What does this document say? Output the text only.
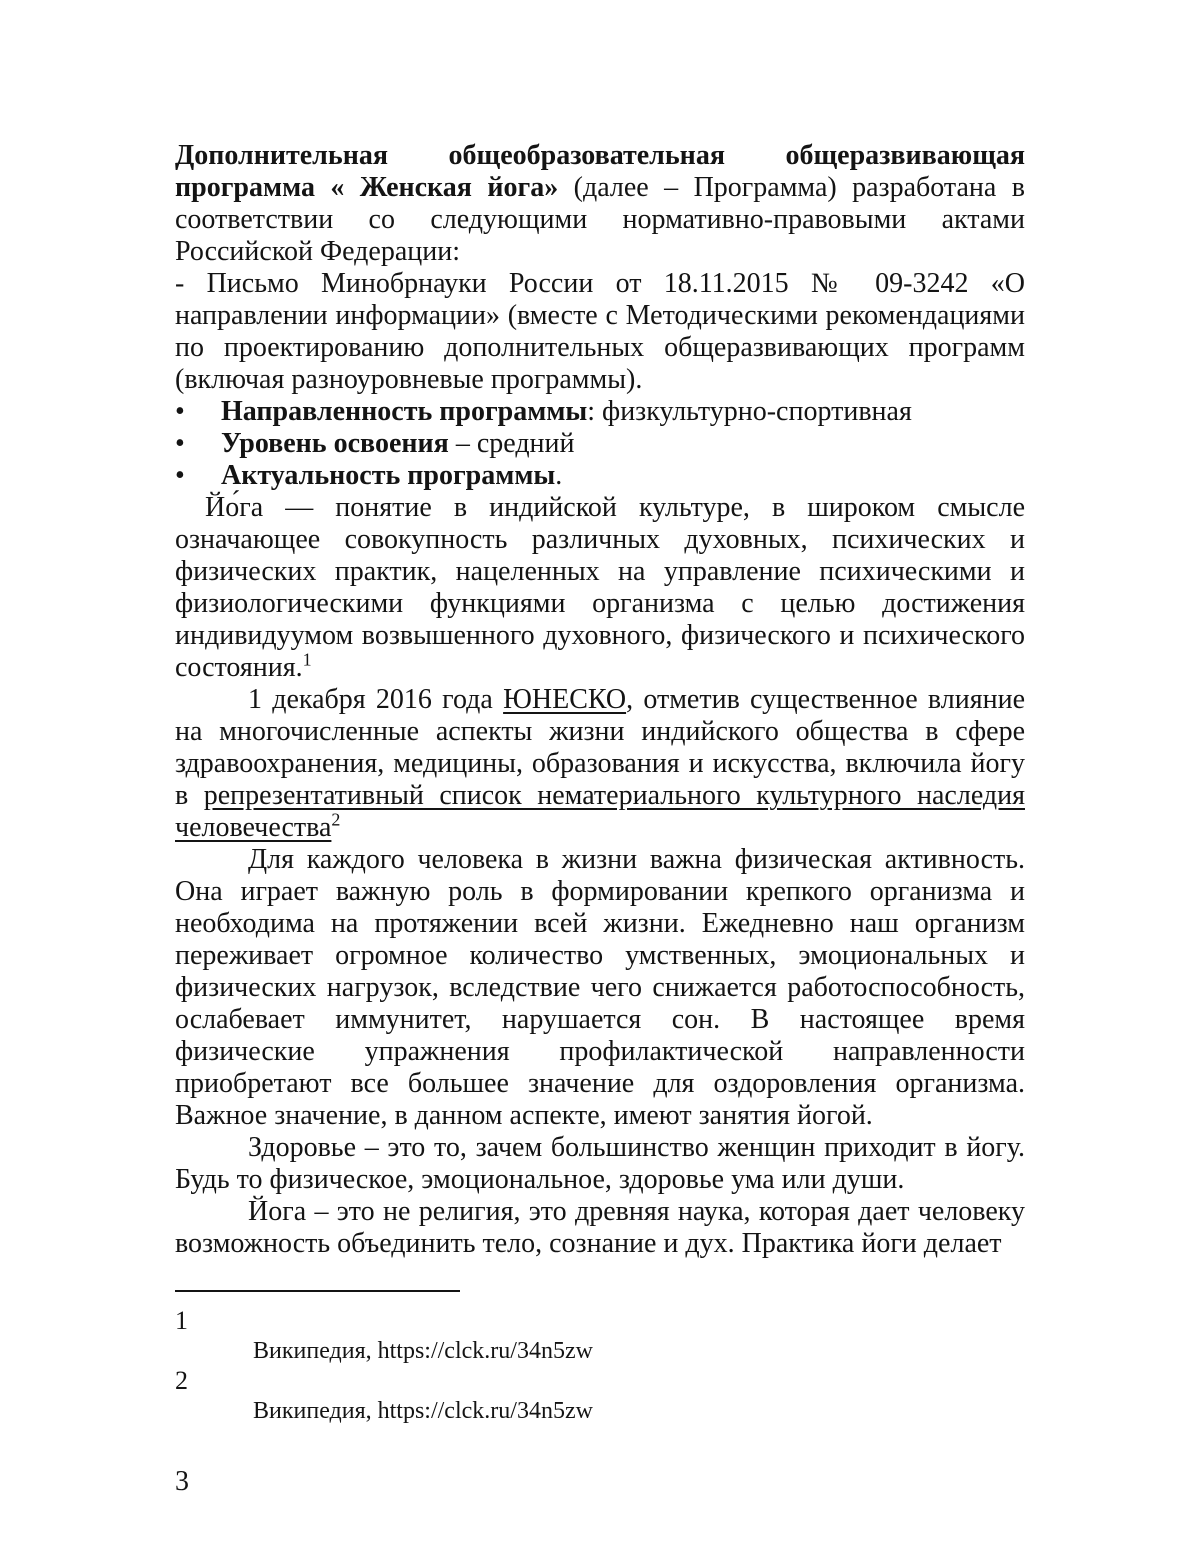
Дополнительная общеобразовательная общеразвивающая программа « Женская йога» (далее – Программа) разработана в соответствии со следующими нормативно-правовыми актами Российской Федерации:

- Письмо Минобрнауки России от 18.11.2015 № 09-3242 «О направлении информации» (вместе с Методическими рекомендациями по проектированию дополнительных общеразвивающих программ (включая разноуровневые программы).

•	Направленность программы: физкультурно-спортивная
•	Уровень освоения – средний
•	Актуальность программы.

Йо́га — понятие в индийской культуре, в широком смысле означающее совокупность различных духовных, психических и физических практик, нацеленных на управление психическими и физиологическими функциями организма с целью достижения индивидуумом возвышенного духовного, физического и психического состояния.$^1$

1 декабря 2016 года ЮНЕСКО, отметив существенное влияние на многочисленные аспекты жизни индийского общества в сфере здравоохранения, медицины, образования и искусства, включила йогу в репрезентативный список нематериального культурного наследия человечества$^2$

Для каждого человека в жизни важна физическая активность. Она играет важную роль в формировании крепкого организма и необходима на протяжении всей жизни. Ежедневно наш организм переживает огромное количество умственных, эмоциональных и физических нагрузок, вследствие чего снижается работоспособность, ослабевает иммунитет, нарушается сон. В настоящее время физические упражнения профилактической направленности приобретают все большее значение для оздоровления организма. Важное значение, в данном аспекте, имеют занятия йогой.

Здоровье – это то, зачем большинство женщин приходит в йогу. Будь то физическое, эмоциональное, здоровье ума или души.

Йога – это не религия, это древняя наука, которая дает человеку возможность объединить тело, сознание и дух. Практика йоги делает

1
Википедия, https://clck.ru/34n5zw
2
Википедия, https://clck.ru/34n5zw
3
